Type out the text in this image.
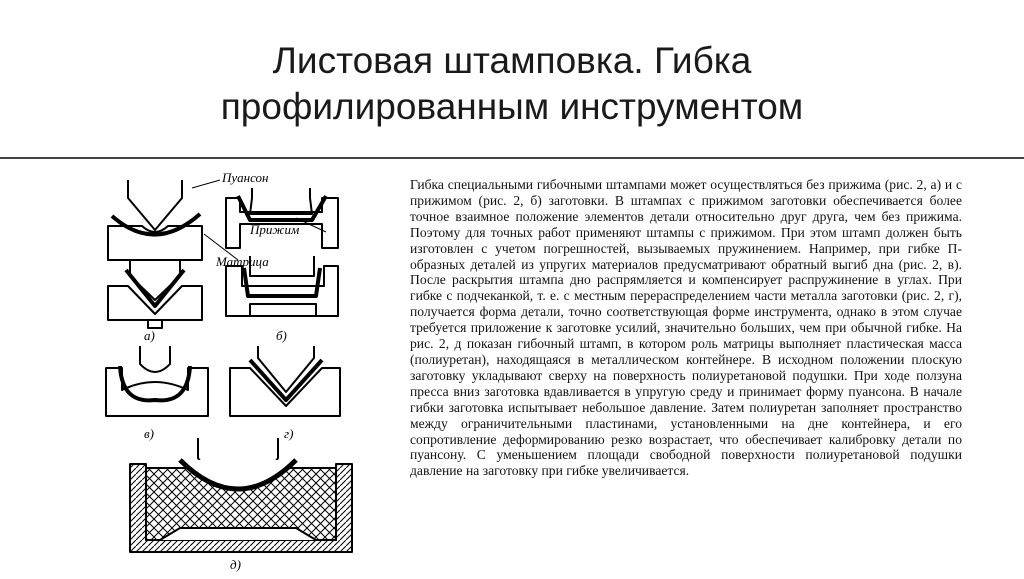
Листовая штамповка. Гибка
профилированным инструментом
Пуансон
Прижим
Матрица
а)	б)
в)	г)
д)

Гибка специальными гибочными штампами может осуществляться без прижима (рис. 2, а) и с прижимом (рис. 2, б) заготовки. В штампах с прижимом заготовки обеспечивается более точное взаимное положение элементов детали относительно друг друга, чем без прижима. Поэтому для точных работ применяют штампы с прижимом. При этом штамп должен быть изготовлен с учетом погрешностей, вызываемых пружинением. Например, при гибке П-образных деталей из упругих материалов предусматривают обратный выгиб дна (рис. 2, в). После раскрытия штампа дно распрямляется и компенсирует распружинение в углах. При гибке с подчеканкой, т. е. с местным перераспределением части металла заготовки (рис. 2, г), получается форма детали, точно соответствующая форме инструмента, однако в этом случае требуется приложение к заготовке усилий, значительно больших, чем при обычной гибке. На рис. 2, д показан гибочный штамп, в котором роль матрицы выполняет пластическая масса (полиуретан), находящаяся в металлическом контейнере. В исходном положении плоскую заготовку укладывают сверху на поверхность полиуретановой подушки. При ходе ползуна пресса вниз заготовка вдавливается в упругую среду и принимает форму пуансона. В начале гибки заготовка испытывает небольшое давление. Затем полиуретан заполняет пространство между ограничительными пластинами, установленными на дне контейнера, и его сопротивление деформированию резко возрастает, что обеспечивает калибровку детали по пуансону. С уменьшением площади свободной поверхности полиуретановой подушки давление на заготовку при гибке увеличивается.
